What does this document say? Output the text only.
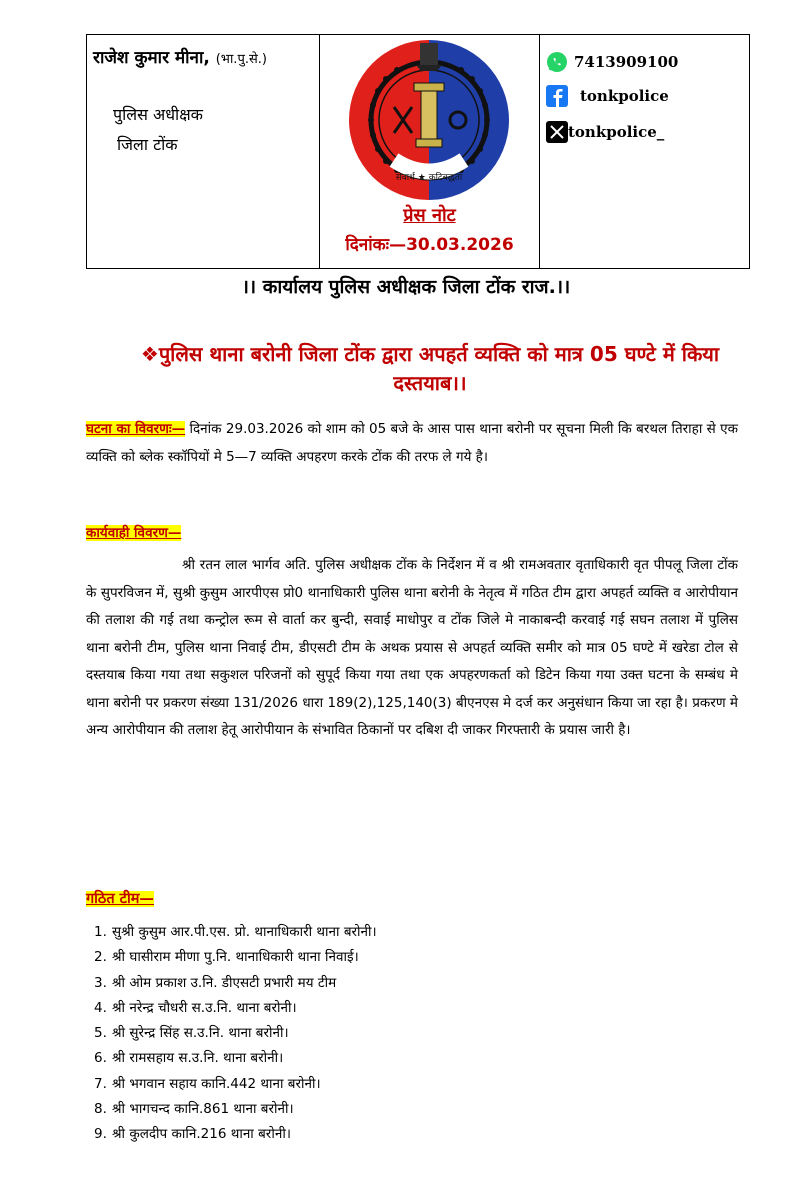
राजेश कुमार मीना, (भा.पु.से.)
पुलिस अधीक्षक
जिला टोंक
सेवार्थ ★ कटिबद्धता
प्रेस नोट
दिनांकः—30.03.2026
7413909100
tonkpolice
tonkpolice_
।। कार्यालय पुलिस अधीक्षक जिला टोंक राज.।।
❖पुलिस थाना बरोनी जिला टोंक द्वारा अपहर्त व्यक्ति को मात्र 05 घण्टे में किया दस्तयाब।।
घटना का विवरणः— दिनांक 29.03.2026 को शाम को 05 बजे के आस पास थाना बरोनी पर सूचना मिली कि बरथल तिराहा से एक व्यक्ति को ब्लेक स्कॉपियों मे 5—7 व्यक्ति अपहरण करके टोंक की तरफ ले गये है।
कार्यवाही विवरण—
श्री रतन लाल भार्गव अति. पुलिस अधीक्षक टोंक के निर्देशन में व श्री रामअवतार वृताधिकारी वृत पीपलू जिला टोंक के सुपरविजन में, सुश्री कुसुम आरपीएस प्रो0 थानाधिकारी पुलिस थाना बरोनी के नेतृत्व में गठित टीम द्वारा अपहर्त व्यक्ति व आरोपीयान की तलाश की गई तथा कन्ट्रोल रूम से वार्ता कर बुन्दी, सवाई माधोपुर व टोंक जिले मे नाकाबन्दी करवाई गई सघन तलाश में पुलिस थाना बरोनी टीम, पुलिस थाना निवाई टीम, डीएसटी टीम के अथक प्रयास से अपहर्त व्यक्ति समीर को मात्र 05 घण्टे में खरेडा टोल से दस्तयाब किया गया तथा सकुशल परिजनों को सुपूर्द किया गया तथा एक अपहरणकर्ता को डिटेन किया गया उक्त घटना के सम्बंध मे थाना बरोनी पर प्रकरण संख्या 131/2026 धारा 189(2),125,140(3) बीएनएस मे दर्ज कर अनुसंधान किया जा रहा है। प्रकरण मे अन्य आरोपीयान की तलाश हेतू आरोपीयान के संभावित ठिकानों पर दबिश दी जाकर गिरफ्तारी के प्रयास जारी है।
गठित टीम—
1. सुश्री कुसुम आर.पी.एस. प्रो. थानाधिकारी थाना बरोनी।
2. श्री घासीराम मीणा पु.नि. थानाधिकारी थाना निवाई।
3. श्री ओम प्रकाश उ.नि. डीएसटी प्रभारी मय टीम
4. श्री नरेन्द्र चौधरी स.उ.नि. थाना बरोनी।
5. श्री सुरेन्द्र सिंह स.उ.नि. थाना बरोनी।
6. श्री रामसहाय स.उ.नि. थाना बरोनी।
7. श्री भगवान सहाय कानि.442 थाना बरोनी।
8. श्री भागचन्द कानि.861 थाना बरोनी।
9. श्री कुलदीप कानि.216 थाना बरोनी।
